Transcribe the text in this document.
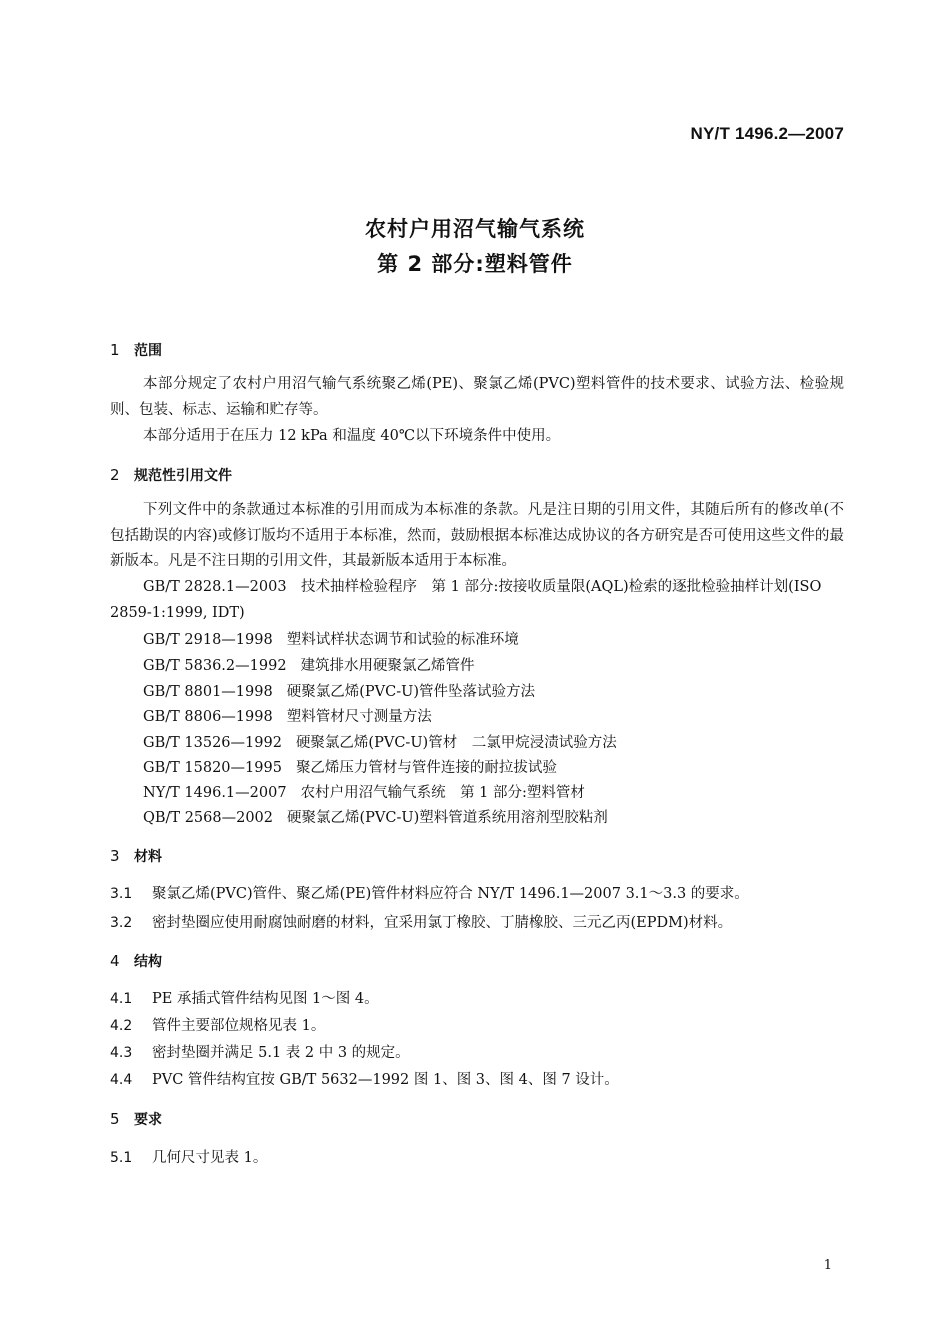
NY/T 1496.2—2007
农村户用沼气输气系统
第 2 部分:塑料管件
1 范围
本部分规定了农村户用沼气输气系统聚乙烯(PE)、聚氯乙烯(PVC)塑料管件的技术要求、试验方法、检验规则、包装、标志、运输和贮存等。
本部分适用于在压力 12 kPa 和温度 40℃以下环境条件中使用。
2 规范性引用文件
下列文件中的条款通过本标准的引用而成为本标准的条款。凡是注日期的引用文件，其随后所有的修改单(不包括勘误的内容)或修订版均不适用于本标准，然而，鼓励根据本标准达成协议的各方研究是否可使用这些文件的最新版本。凡是不注日期的引用文件，其最新版本适用于本标准。
GB/T 2828.1—2003　 技术抽样检验程序　第 1 部分:按接收质量限(AQL)检索的逐批检验抽样计划(ISO 2859-1:1999, IDT)
GB/T 2918—1998 塑料试样状态调节和试验的标准环境
GB/T 5836.2—1992 建筑排水用硬聚氯乙烯管件
GB/T 8801—1998 硬聚氯乙烯(PVC-U)管件坠落试验方法
GB/T 8806—1998 塑料管材尺寸测量方法
GB/T 13526—1992 硬聚氯乙烯(PVC-U)管材　二氯甲烷浸渍试验方法
GB/T 15820—1995 聚乙烯压力管材与管件连接的耐拉拔试验
NY/T 1496.1—2007 农村户用沼气输气系统　第 1 部分:塑料管材
QB/T 2568—2002 硬聚氯乙烯(PVC-U)塑料管道系统用溶剂型胶粘剂
3 材料
3.1 聚氯乙烯(PVC)管件、聚乙烯(PE)管件材料应符合 NY/T 1496.1—2007 3.1～3.3 的要求。
3.2 密封垫圈应使用耐腐蚀耐磨的材料，宜采用氯丁橡胶、丁腈橡胶、三元乙丙(EPDM)材料。
4 结构
4.1 PE 承插式管件结构见图 1～图 4。
4.2 管件主要部位规格见表 1。
4.3 密封垫圈并满足 5.1 表 2 中 3 的规定。
4.4 PVC 管件结构宜按 GB/T 5632—1992 图 1、图 3、图 4、图 7 设计。
5 要求
5.1 几何尺寸见表 1。
1
